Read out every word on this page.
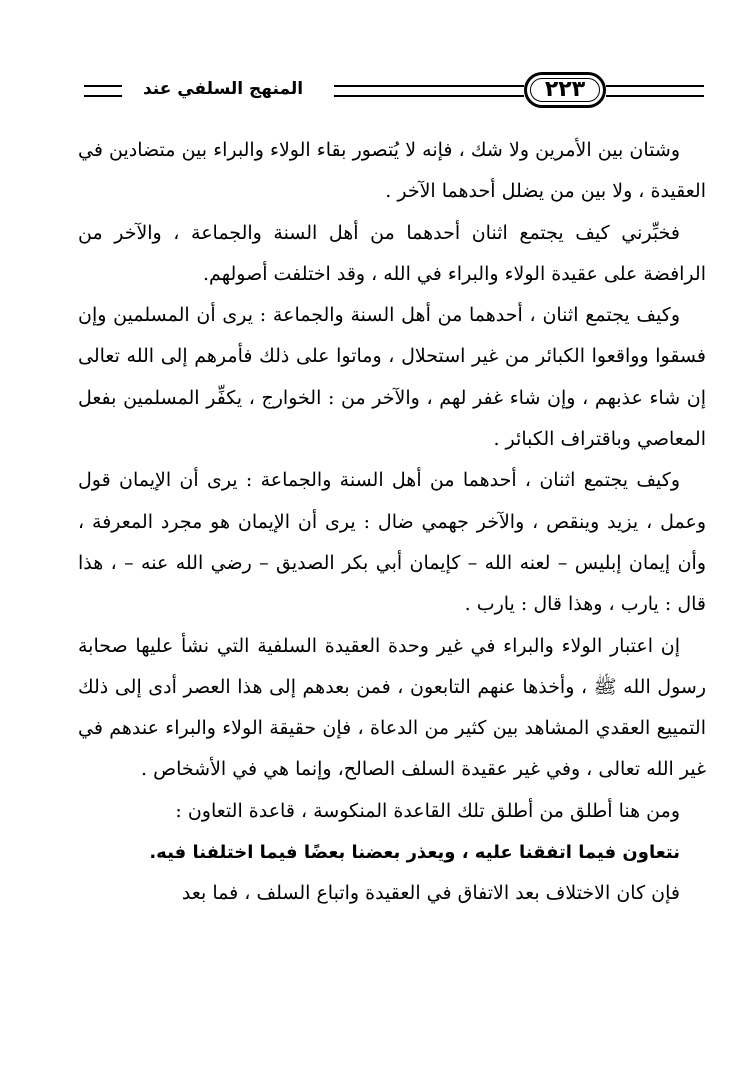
المنهج السلفي عند	٢٢٣

وشتان بين الأمرين ولا شك ، فإنه لا يُتصور بقاء الولاء والبراء بين متضادين في العقيدة ، ولا بين من يضلل أحدهما الآخر .

فخبِّرني كيف يجتمع اثنان أحدهما من أهل السنة والجماعة ، والآخر من الرافضة على عقيدة الولاء والبراء في الله ، وقد اختلفت أصولهم.

وكيف يجتمع اثنان ، أحدهما من أهل السنة والجماعة : يرى أن المسلمين وإن فسقوا وواقعوا الكبائر من غير استحلال ، وماتوا على ذلك فأمرهم إلى الله تعالى إن شاء عذبهم ، وإن شاء غفر لهم ، والآخر من : الخوارج ، يكفِّر المسلمين بفعل المعاصي وباقتراف الكبائر .

وكيف يجتمع اثنان ، أحدهما من أهل السنة والجماعة : يرى أن الإيمان قول وعمل ، يزيد وينقص ، والآخر جهمي ضال : يرى أن الإيمان هو مجرد المعرفة ، وأن إيمان إبليس – لعنه الله – كإيمان أبي بكر الصديق – رضي الله عنه – ، هذا قال : يارب ، وهذا قال : يارب .

إن اعتبار الولاء والبراء في غير وحدة العقيدة السلفية التي نشأ عليها صحابة رسول الله ﷺ ، وأخذها عنهم التابعون ، فمن بعدهم إلى هذا العصر أدى إلى ذلك التمييع العقدي المشاهد بين كثير من الدعاة ، فإن حقيقة الولاء والبراء عندهم في غير الله تعالى ، وفي غير عقيدة السلف الصالح، وإنما هي في الأشخاص .

ومن هنا أطلق من أطلق تلك القاعدة المنكوسة ، قاعدة التعاون :

نتعاون فيما اتفقنا عليه ، ويعذر بعضنا بعضًا فيما اختلفنا فيه.

فإن كان الاختلاف بعد الاتفاق في العقيدة واتباع السلف ، فما بعد
